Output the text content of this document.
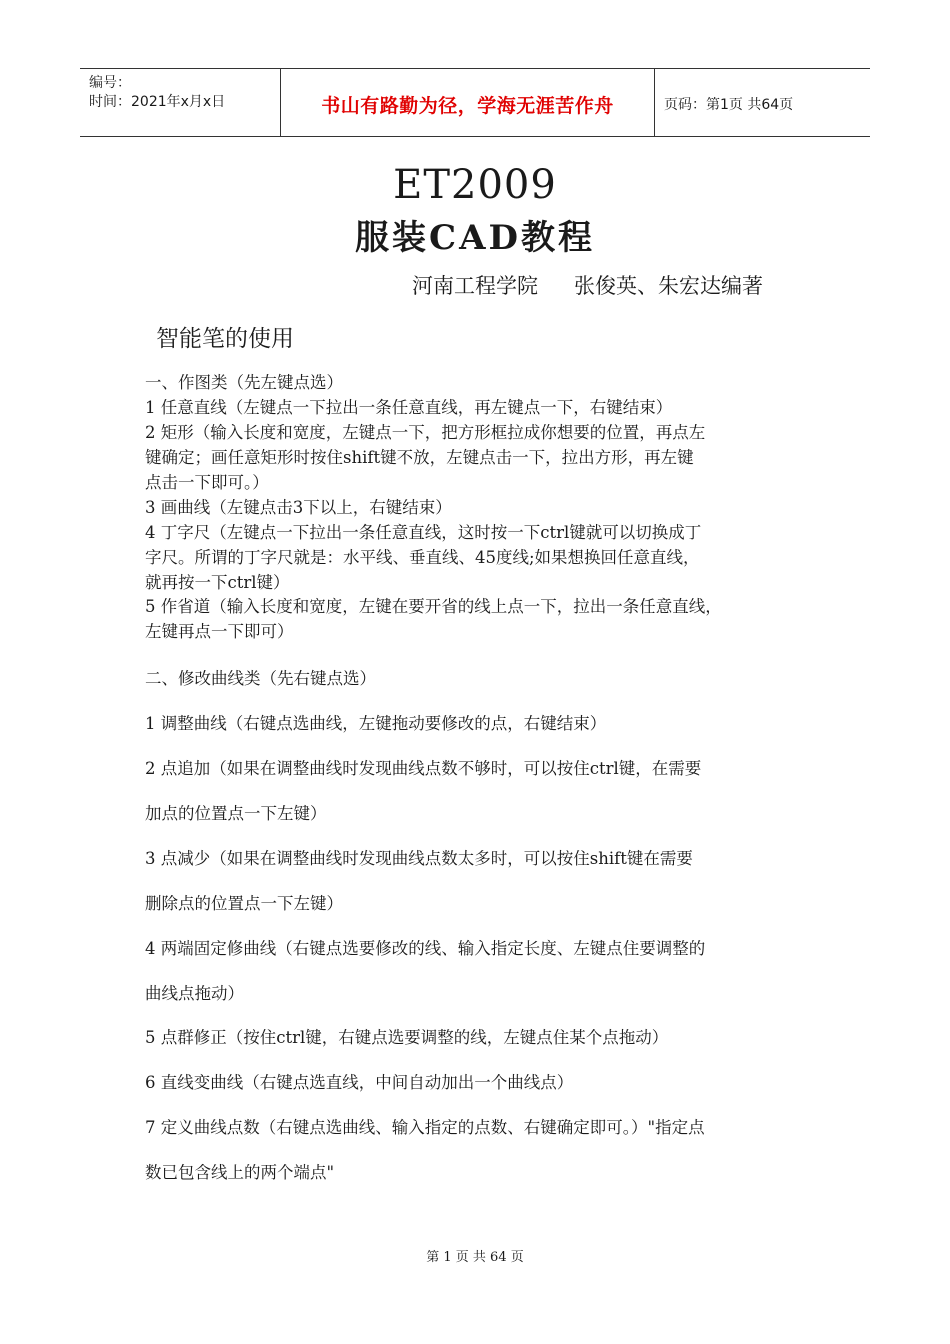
编号：
时间：2021年x月x日	书山有路勤为径，学海无涯苦作舟	页码：第1页 共64页
ET2009
服装CAD教程
河南工程学院 张俊英、朱宏达编著
智能笔的使用
一、作图类（先左键点选）
1 任意直线（左键点一下拉出一条任意直线，再左键点一下，右键结束）
2 矩形（输入长度和宽度，左键点一下，把方形框拉成你想要的位置，再点左
键确定；画任意矩形时按住shift键不放，左键点击一下，拉出方形，再左键
点击一下即可。）
3 画曲线（左键点击3下以上，右键结束）
4 丁字尺（左键点一下拉出一条任意直线，这时按一下ctrl键就可以切换成丁
字尺。所谓的丁字尺就是：水平线、垂直线、45度线;如果想换回任意直线，
就再按一下ctrl键）
5 作省道（输入长度和宽度，左键在要开省的线上点一下，拉出一条任意直线，
左键再点一下即可）
二、修改曲线类（先右键点选）
1 调整曲线（右键点选曲线，左键拖动要修改的点，右键结束）
2 点追加（如果在调整曲线时发现曲线点数不够时，可以按住ctrl键，在需要
加点的位置点一下左键）
3 点减少（如果在调整曲线时发现曲线点数太多时，可以按住shift键在需要
删除点的位置点一下左键）
4 两端固定修曲线（右键点选要修改的线、输入指定长度、左键点住要调整的
曲线点拖动）
5 点群修正（按住ctrl键，右键点选要调整的线，左键点住某个点拖动）
6 直线变曲线（右键点选直线，中间自动加出一个曲线点）
7 定义曲线点数（右键点选曲线、输入指定的点数、右键确定即可。）"指定点
数已包含线上的两个端点"
第 1 页 共 64 页
